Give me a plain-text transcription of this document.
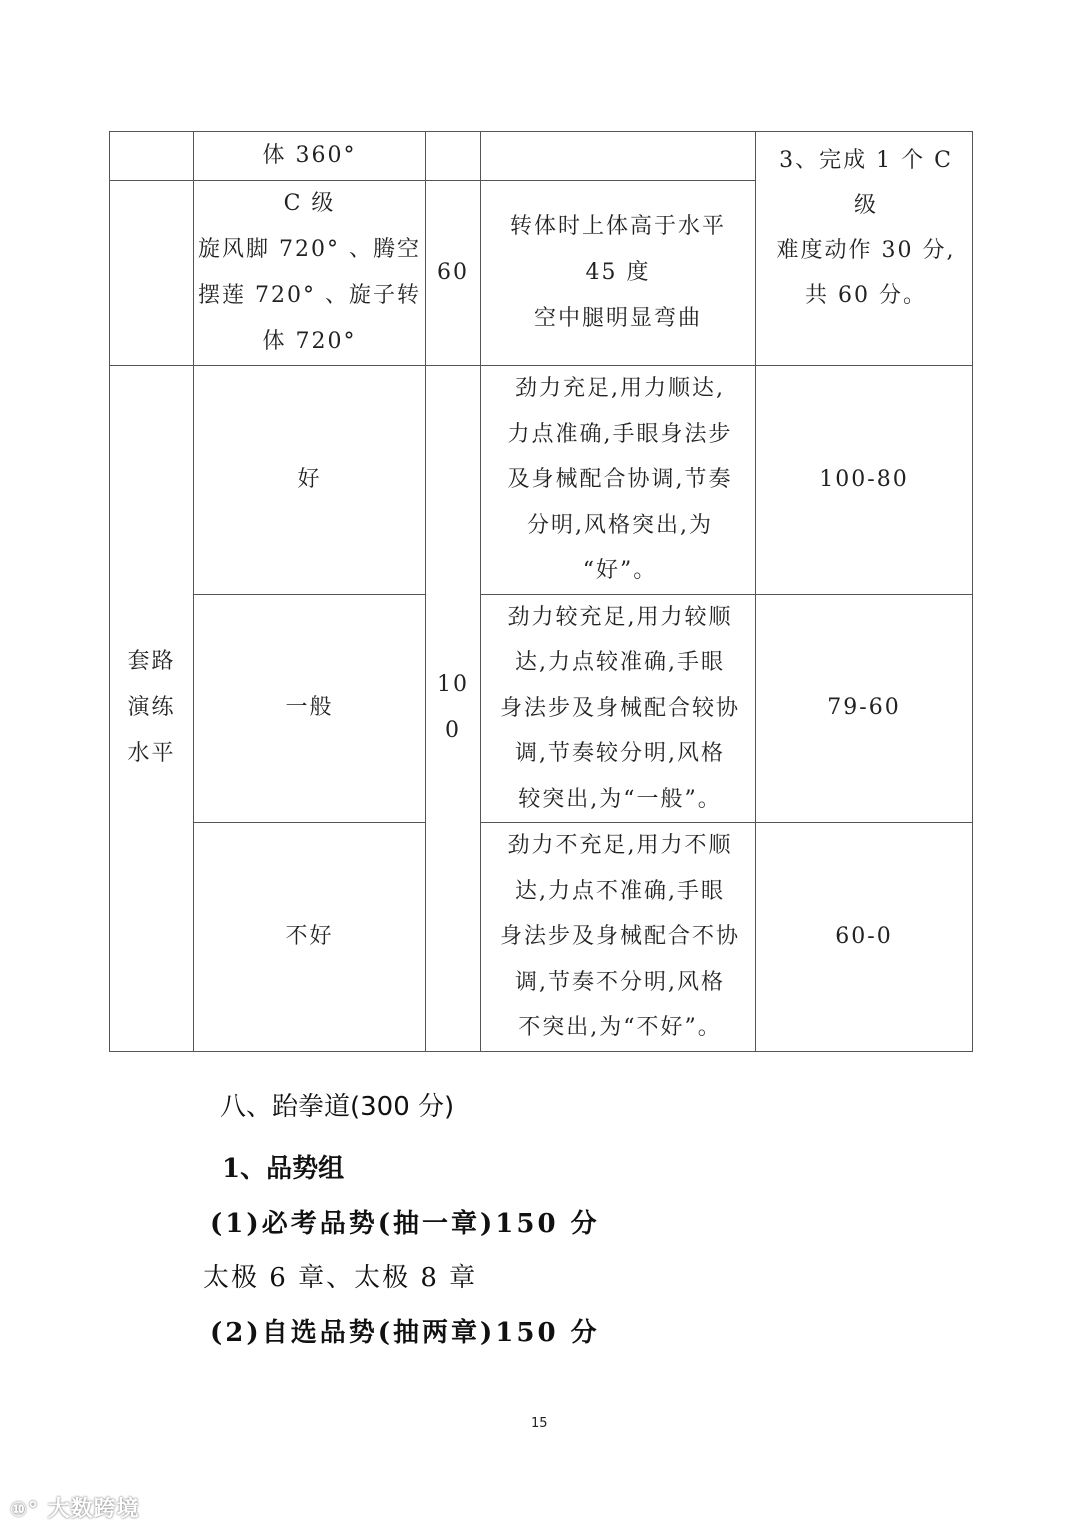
	体 360°			3、完成 1 个 C 级
难度动作 30 分,
共 60 分。

	C 级
旋风脚 720° 、腾空
摆莲 720° 、旋子转
体 720°	60	转体时上体高于水平
45 度
空中腿明显弯曲	

套路
演练
水平	好	10
0	劲力充足,用力顺达,
力点准确,手眼身法步
及身械配合协调,节奏
分明,风格突出,为
“好”。	100-80
	一般		劲力较充足,用力较顺
达,力点较准确,手眼
身法步及身械配合较协
调,节奏较分明,风格
较突出,为“一般”。	79-60
	不好		劲力不充足,用力不顺
达,力点不准确,手眼
身法步及身械配合不协
调,节奏不分明,风格
不突出,为“不好”。	60-0
八、跆拳道(300 分)
1、品势组
(1)必考品势(抽一章)150 分
太极 6 章、太极 8 章
(2)自选品势(抽两章)150 分
15
⑩° 大数跨境
